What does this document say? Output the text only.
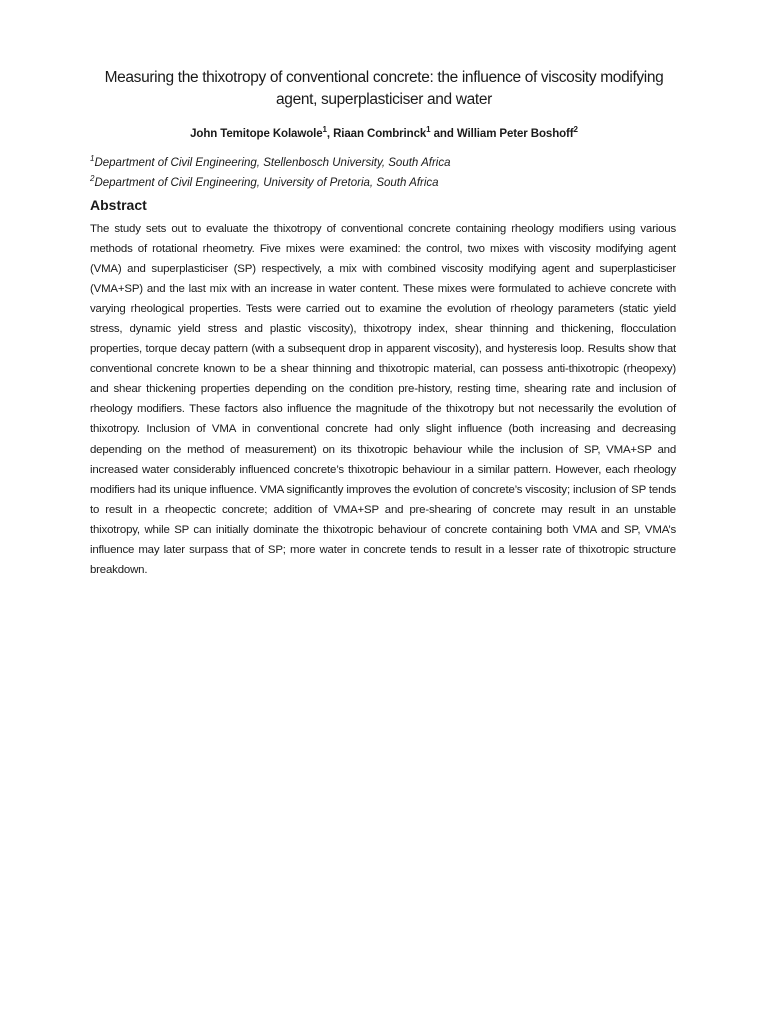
Measuring the thixotropy of conventional concrete: the influence of viscosity modifying
agent, superplasticiser and water

John Temitope Kolawole$^1$, Riaan Combrinck$^1$ and William Peter Boshoff$^2$

$^1$Department of Civil Engineering, Stellenbosch University, South Africa
$^2$Department of Civil Engineering, University of Pretoria, South Africa
Abstract

The study sets out to evaluate the thixotropy of conventional concrete containing rheology modifiers using various methods of rotational rheometry. Five mixes were examined: the control, two mixes with viscosity modifying agent (VMA) and superplasticiser (SP) respectively, a mix with combined viscosity modifying agent and superplasticiser (VMA+SP) and the last mix with an increase in water content. These mixes were formulated to achieve concrete with varying rheological properties. Tests were carried out to examine the evolution of rheology parameters (static yield stress, dynamic yield stress and plastic viscosity), thixotropy index, shear thinning and thickening, flocculation properties, torque decay pattern (with a subsequent drop in apparent viscosity), and hysteresis loop. Results show that conventional concrete known to be a shear thinning and thixotropic material, can possess anti-thixotropic (rheopexy) and shear thickening properties depending on the condition pre-history, resting time, shearing rate and inclusion of rheology modifiers. These factors also influence the magnitude of the thixotropy but not necessarily the evolution of thixotropy. Inclusion of VMA in conventional concrete had only slight influence (both increasing and decreasing depending on the method of measurement) on its thixotropic behaviour while the inclusion of SP, VMA+SP and increased water considerably influenced concrete’s thixotropic behaviour in a similar pattern. However, each rheology modifiers had its unique influence. VMA significantly improves the evolution of concrete’s viscosity; inclusion of SP tends to result in a rheopectic concrete; addition of VMA+SP and pre-shearing of concrete may result in an unstable thixotropy, while SP can initially dominate the thixotropic behaviour of concrete containing both VMA and SP, VMA’s influence may later surpass that of SP; more water in concrete tends to result in a lesser rate of thixotropic structure breakdown.
